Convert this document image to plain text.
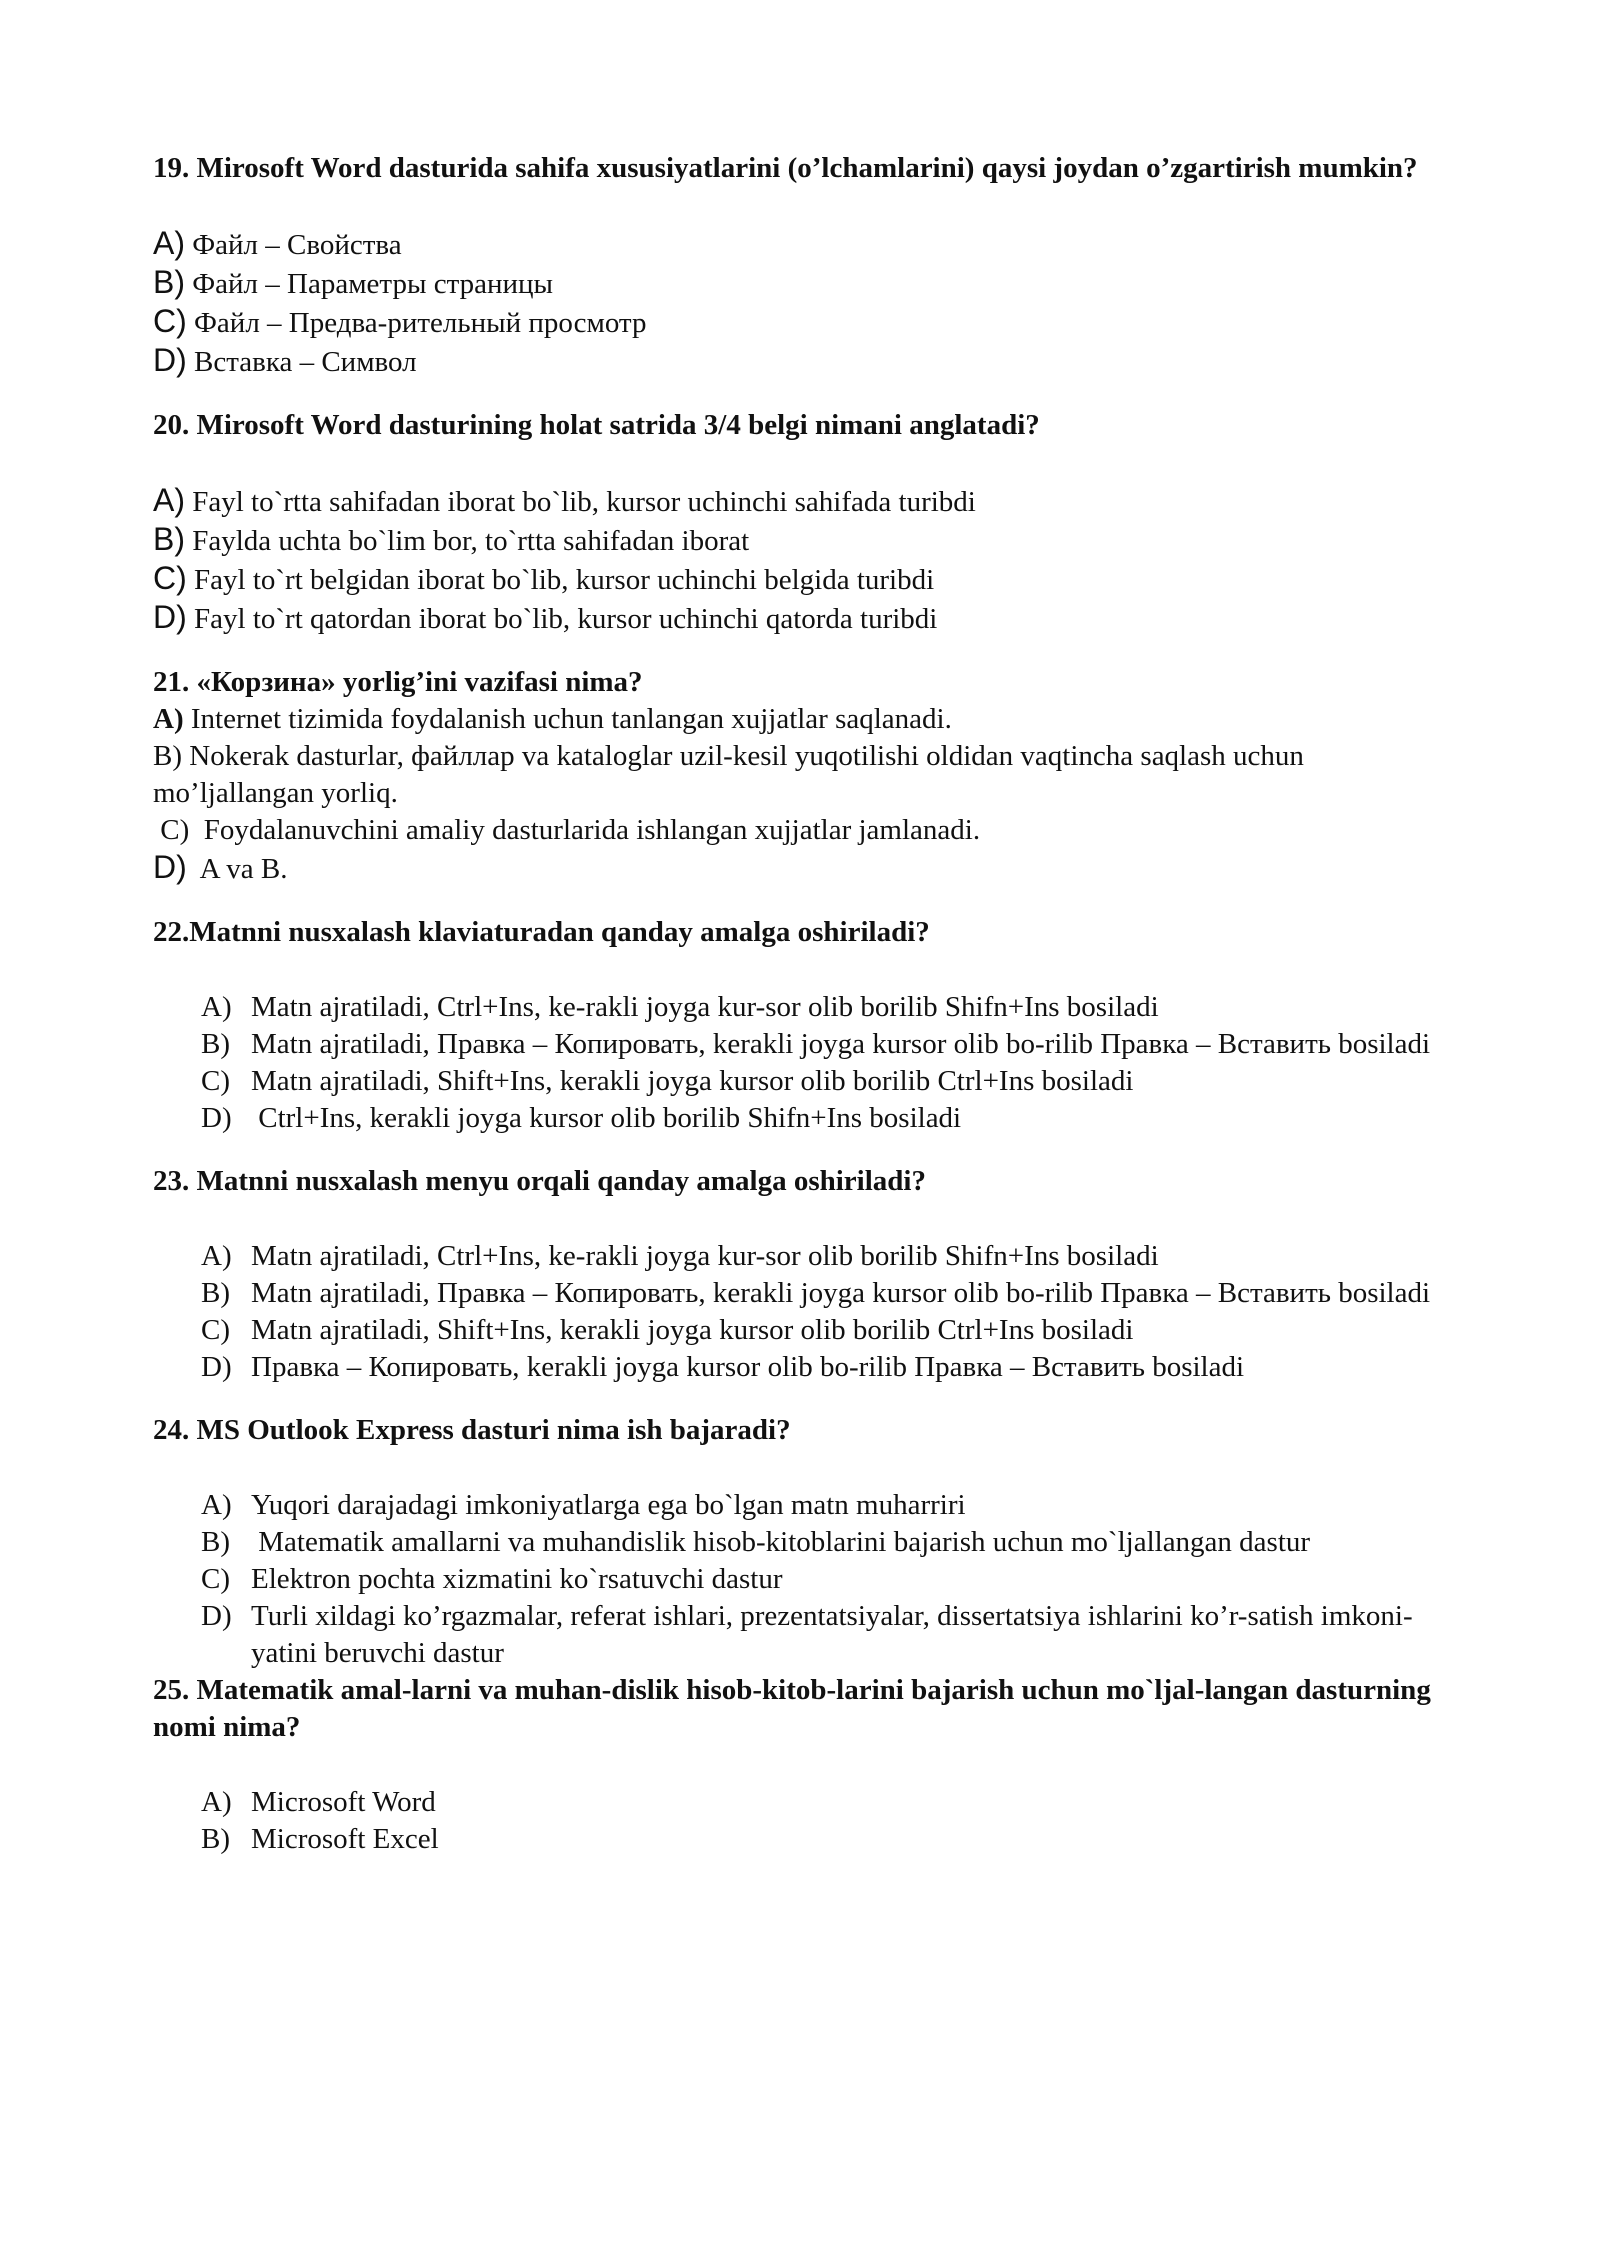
19. Mirosoft Word dasturida sahifa xususiyatlarini (o’lchamlarini) qaysi joydan o’zgartirish mumkin?
A) Файл – Свойства
B) Файл – Параметры страницы
C) Файл – Предва-рительный просмотр
D) Вставка – Символ
20. Mirosoft Word dasturining holat satrida 3/4 belgi nimani anglatadi?
A) Fayl to`rtta sahifadan iborat bo`lib, kursor uchinchi sahifada turibdi
B) Faylda uchta bo`lim bor, to`rtta sahifadan iborat
C) Fayl to`rt belgidan iborat bo`lib, kursor uchinchi belgida turibdi
D) Fayl to`rt qatordan iborat bo`lib, kursor uchinchi qatorda turibdi
21. «Корзина» yorlig’ini vazifasi nima?
A) Internet tizimida foydalanish uchun tanlangan xujjatlar saqlanadi.
B) Nokerak dasturlar, файллар va kataloglar uzil-kesil yuqotilishi oldidan vaqtincha saqlash uchun mo’ljallangan yorliq.
C)  Foydalanuvchini amaliy dasturlarida ishlangan xujjatlar jamlanadi.
D)  A va B.
22.Matnni nusxalash klaviaturadan qanday amalga oshiriladi?
A) Matn ajratiladi, Ctrl+Ins, ke-rakli joyga kur-sor olib borilib Shifn+Ins bosiladi
B) Matn ajratiladi, Правка – Копировать, kerakli joyga kursor olib bo-rilib Правка – Вставить bosiladi
C) Matn ajratiladi, Shift+Ins, kerakli joyga kursor olib borilib Ctrl+Ins bosiladi
D) Ctrl+Ins, kerakli joyga kursor olib borilib Shifn+Ins bosiladi
23. Matnni nusxalash menyu orqali qanday amalga oshiriladi?
A) Matn ajratiladi, Ctrl+Ins, ke-rakli joyga kur-sor olib borilib Shifn+Ins bosiladi
B) Matn ajratiladi, Правка – Копировать, kerakli joyga kursor olib bo-rilib Правка – Вставить bosiladi
C) Matn ajratiladi, Shift+Ins, kerakli joyga kursor olib borilib Ctrl+Ins bosiladi
D) Правка – Копировать, kerakli joyga kursor olib bo-rilib Правка – Вставить bosiladi
24. MS Outlook Express dasturi nima ish bajaradi?
A) Yuqori darajadagi imkoniyatlarga ega bo`lgan matn muharriri
B) Matematik amallarni va muhandislik hisob-kitoblarini bajarish uchun mo`ljallangan dastur
C) Elektron pochta xizmatini ko`rsatuvchi dastur
D) Turli xildagi ko’rgazmalar, referat ishlari, prezentatsiyalar, dissertatsiya ishlarini ko’r-satish imkoni-yatini beruvchi dastur
25. Matematik amal-larni va muhan-dislik hisob-kitob-larini bajarish uchun mo`ljal-langan dasturning nomi nima?
A) Microsoft Word
B) Microsoft Excel
